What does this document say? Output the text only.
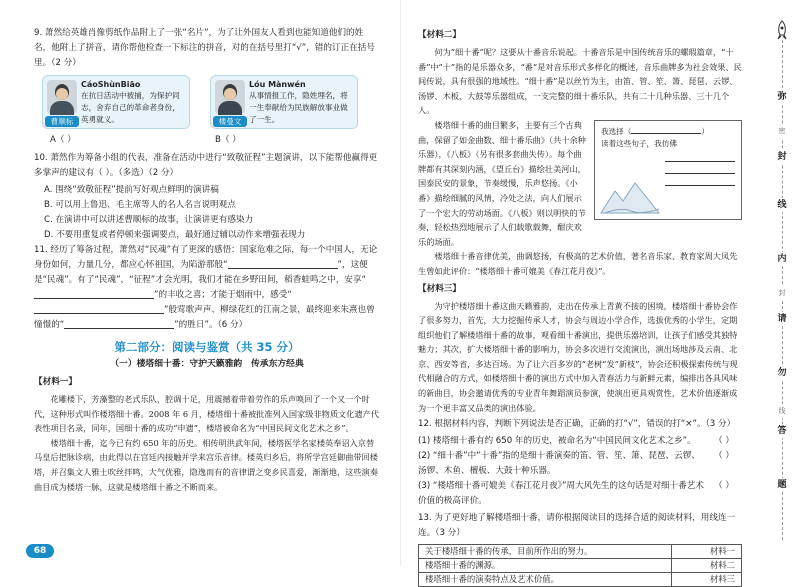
9. 萧然给英雄肖像剪纸作品附上了一张“名片”，为了让外国友人看到也能知道他们的姓名，他附上了拼音，请你帮他检查一下标注的拼音，对的在括号里打“√”，错的订正在括号里。（2 分）

CáoShùnBiāo
在抗日活动中被捕，为保护同志，舍弃自己的革命者身份，英勇就义。
曹顺标
Lóu Mànwén
从事情报工作，隐姓埋名，将一生奉献给为民族解放事业做了一生。
楼曼文
A（ ）	B（ ）

10. 萧然作为筹备小组的代表，准备在活动中进行“致敬征程”主题演讲，以下能帮他赢得更多掌声的建议有（ ）。（多选）（2 分）

A. 围绕“致敬征程”提前写好观点鲜明的演讲稿

B. 可以用上鲁迅、毛主席等人的名人名言说明观点

C. 在演讲中可以讲述曹顺标的故事，让演讲更有感染力

D. 不要用重复或者停顿来强调要点，最好通过辅以动作来增强表现力

11. 经历了筹备过程，萧然对“民魂”有了更深的感悟：国家危难之际，每一个中国人，无论身份如何，力量几分，都应心怀祖国，为陷游那般“	”，这便是“民魂”。有了“民魂”，“征程”才会光明，我们才能在乡野田间，稻香蛙鸣之中，安享“”的丰收之喜；才能于烟雨中，感受“”般莺歌声声、柳绿花红的江南之景，最终迎来朱熹也曾憧憬的“	”的胜日”。（6 分）

第二部分：阅读与鉴赏（共 35 分）
（一）楼塔细十番：守护天籁雅韵　传承东方经典
【材料一】

花雕楼下，芳藻整的老式乐队，腔调十足，用震撼着带着劳作的乐声唤回了一个又一个时代，这种形式叫作楼塔细十番。2008 年 6 月，楼塔细十番被批准列入国家级非物质文化遗产代表性项目名录，同年，国细十番的成功“申遗”，楼塔被命名为“中国民间文化艺术之乡”。

楼塔细十番，迄今已有约 650 年的历史。相传明洪武年间，楼塔医学名家楼英奉诏入京替马皇后把脉诊病，由此得以在宫廷内接触并学来宫乐音律。楼英归乡后，将所学宫廷御曲带回楼塔，并召集文人雅士吹丝拌鸣，大气优雅，隐逸而有的音律谓之变乡民喜爱，渐渐地，这些演奏曲目成为楼塔一脉，这就是楼塔细十番之不断而来。

68
【材料二】

何为“细十番”呢？这要从十番音乐说起。十番音乐是中国传统音乐的螺瑕篇章，“十番”中“十”指的是乐器众多，“番”是对音乐形式多样化的概述，音乐曲牌多为社会效果、民间传说，具有很强的地域性。“细十番”是以丝竹为主，由笛、管、笙、箫、琵琶、云锣、汤锣、木板、大鼓等乐器组成，一支完整的细十番乐队，共有二十几种乐器、三十几个人。

我选择（	）
读着这些句子，我仿佛

楼塔细十番的曲目繁多，主要有三个古典曲，保留了如金曲数、细十番乐曲》（共十余种乐器），《八板》（另有很多套曲失传）。每个曲牌都有其深刻内涵，《望丘台》描绘壮美河山，国泰民安的景象，节奏缓慢，乐声悠扬。《小番》描绘细腻的风情，冷处之法，向人们展示了一个宏大的劳动场面。《八板》则以明快的节奏，轻松热烈地展示了人们载歌载舞，酣庆欢乐的场面。

楼塔细十番音律优美，曲调悠扬，有极高的艺术价值，著名音乐家、教育家周大凤先生曾如此评价：“楼塔细十番可媲美《春江花月夜》”。

【材料三】

为守护楼塔细十番这曲天籁雅韵，走出在传承上青黄不接的困境，楼塔细十番协会作了很多努力，首先，大力挖掘传承人才，协会与周边小学合作，选拔优秀的小学生，定期组织他们了解楼塔细十番的故事，观看细十番演出，提供乐器培训，让孩子们感受其独特魅力；其次，扩大楼塔细十番的影响力，协会多次进行交流演出，演出场地涉及云南、北京、西安等省，多达百场。为了让六百多岁的“老树”发“新枝”，协会还积极探索传统与现代相融合的方式，如楼塔细十番的演出方式中加入青春活力与新鲜元素，编排出各具风味的新曲目，协会邀请优秀的专业青年舞蹈演员参演，使演出更具观赏性，艺术价值逐渐成为一个更丰富又品类的演出体验。

12. 根据材料内容，判断下列说法是否正确，正确的打“√”，错误的打“×”。（3 分）

(1) 楼塔细十番有约 650 年的历史，被命名为“中国民间文化艺术之乡”。	（ ）
(2) “细十番”中“十番”指的是细十番演奏的笛、管、笙、箫、琵琶、云锣、汤锣、木鱼、檀板、大鼓十种乐器。
（ ）
(3) “楼塔细十番可媲美《春江花月夜》”周大风先生的这句话是对细十番艺术价值的极高评价。
（ ）

13. 为了更好地了解楼塔细十番，请你根据阅读目的选择合适的阅读材料，用线连一连。（3 分）

关于楼塔细十番的传承，目前所作出的努力。	材料一
楼塔细十番的渊源。	材料二
楼塔细十番的演奏特点及艺术价值。	材料三
弥
密
封
线
内
封
请
勿
线
答
题
